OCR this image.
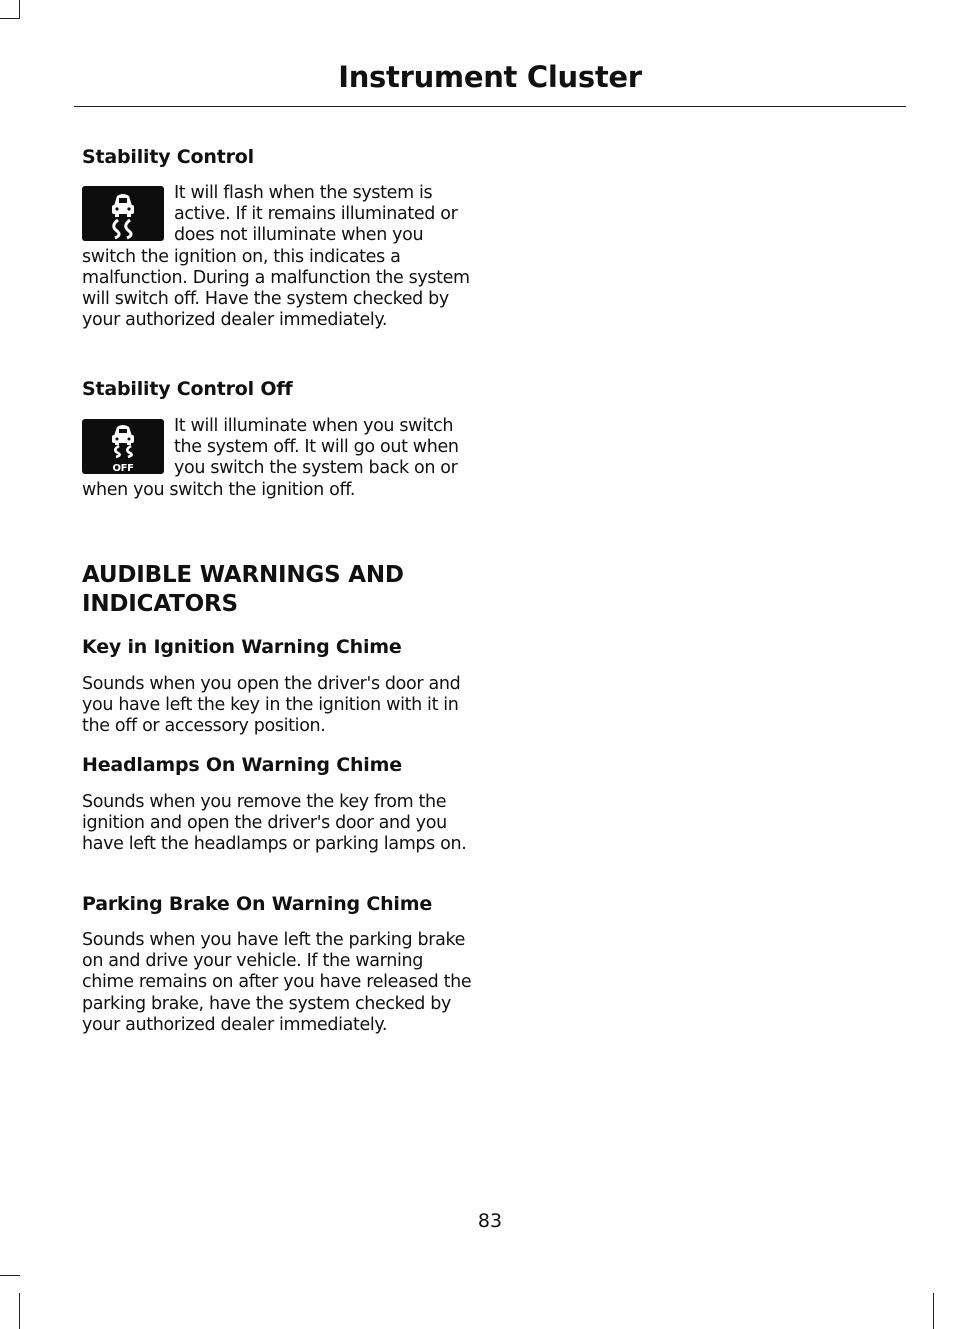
Instrument Cluster
Stability Control
It will flash when the system is active. If it remains illuminated or does not illuminate when you switch the ignition on, this indicates a malfunction. During a malfunction the system will switch off. Have the system checked by your authorized dealer immediately.
Stability Control Off
OFF
It will illuminate when you switch the system off. It will go out when you switch the system back on or when you switch the ignition off.
AUDIBLE WARNINGS AND INDICATORS
Key in Ignition Warning Chime
Sounds when you open the driver's door and you have left the key in the ignition with it in the off or accessory position.
Headlamps On Warning Chime
Sounds when you remove the key from the ignition and open the driver's door and you have left the headlamps or parking lamps on.
Parking Brake On Warning Chime
Sounds when you have left the parking brake on and drive your vehicle. If the warning chime remains on after you have released the parking brake, have the system checked by your authorized dealer immediately.
83
